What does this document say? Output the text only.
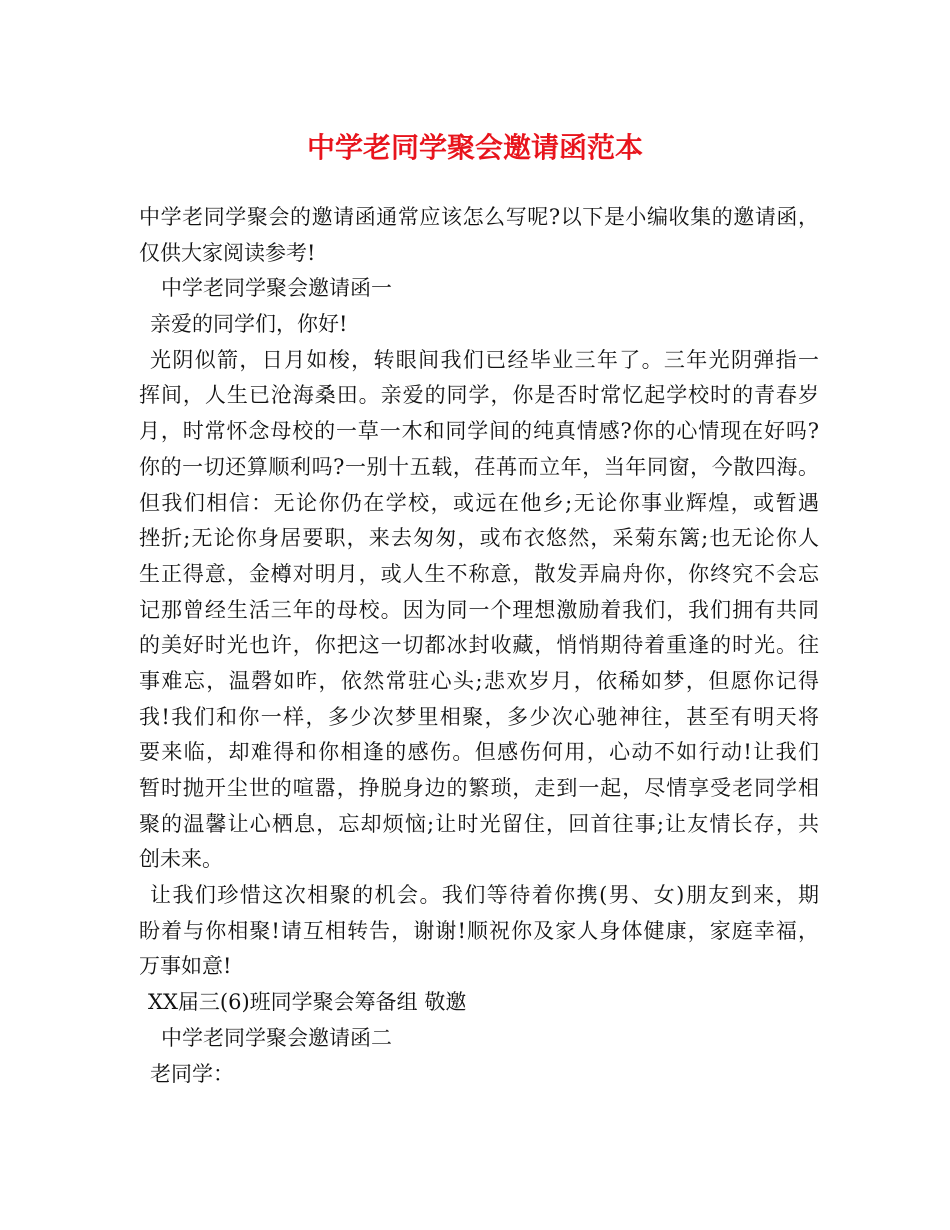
中学老同学聚会邀请函范本
中学老同学聚会的邀请函通常应该怎么写呢?以下是小编收集的邀请函，
仅供大家阅读参考!
中学老同学聚会邀请函一
亲爱的同学们，你好!
光阴似箭，日月如梭，转眼间我们已经毕业三年了。三年光阴弹指一
挥间，人生已沧海桑田。亲爱的同学，你是否时常忆起学校时的青春岁
月，时常怀念母校的一草一木和同学间的纯真情感?你的心情现在好吗?
你的一切还算顺利吗?一别十五载，荏苒而立年，当年同窗，今散四海。
但我们相信：无论你仍在学校，或远在他乡;无论你事业辉煌，或暂遇
挫折;无论你身居要职，来去匆匆，或布衣悠然，采菊东篱;也无论你人
生正得意，金樽对明月，或人生不称意，散发弄扁舟你，你终究不会忘
记那曾经生活三年的母校。因为同一个理想激励着我们，我们拥有共同
的美好时光也许，你把这一切都冰封收藏，悄悄期待着重逢的时光。往
事难忘，温磬如昨，依然常驻心头;悲欢岁月，依稀如梦，但愿你记得
我!我们和你一样，多少次梦里相聚，多少次心驰神往，甚至有明天将
要来临，却难得和你相逢的感伤。但感伤何用，心动不如行动!让我们
暂时抛开尘世的喧嚣，挣脱身边的繁琐，走到一起，尽情享受老同学相
聚的温馨让心栖息，忘却烦恼;让时光留住，回首往事;让友情长存，共
创未来。
让我们珍惜这次相聚的机会。我们等待着你携(男、女)朋友到来，期
盼着与你相聚!请互相转告，谢谢!顺祝你及家人身体健康，家庭幸福，
万事如意!
XX届三(6)班同学聚会筹备组 敬邀
中学老同学聚会邀请函二
老同学：
